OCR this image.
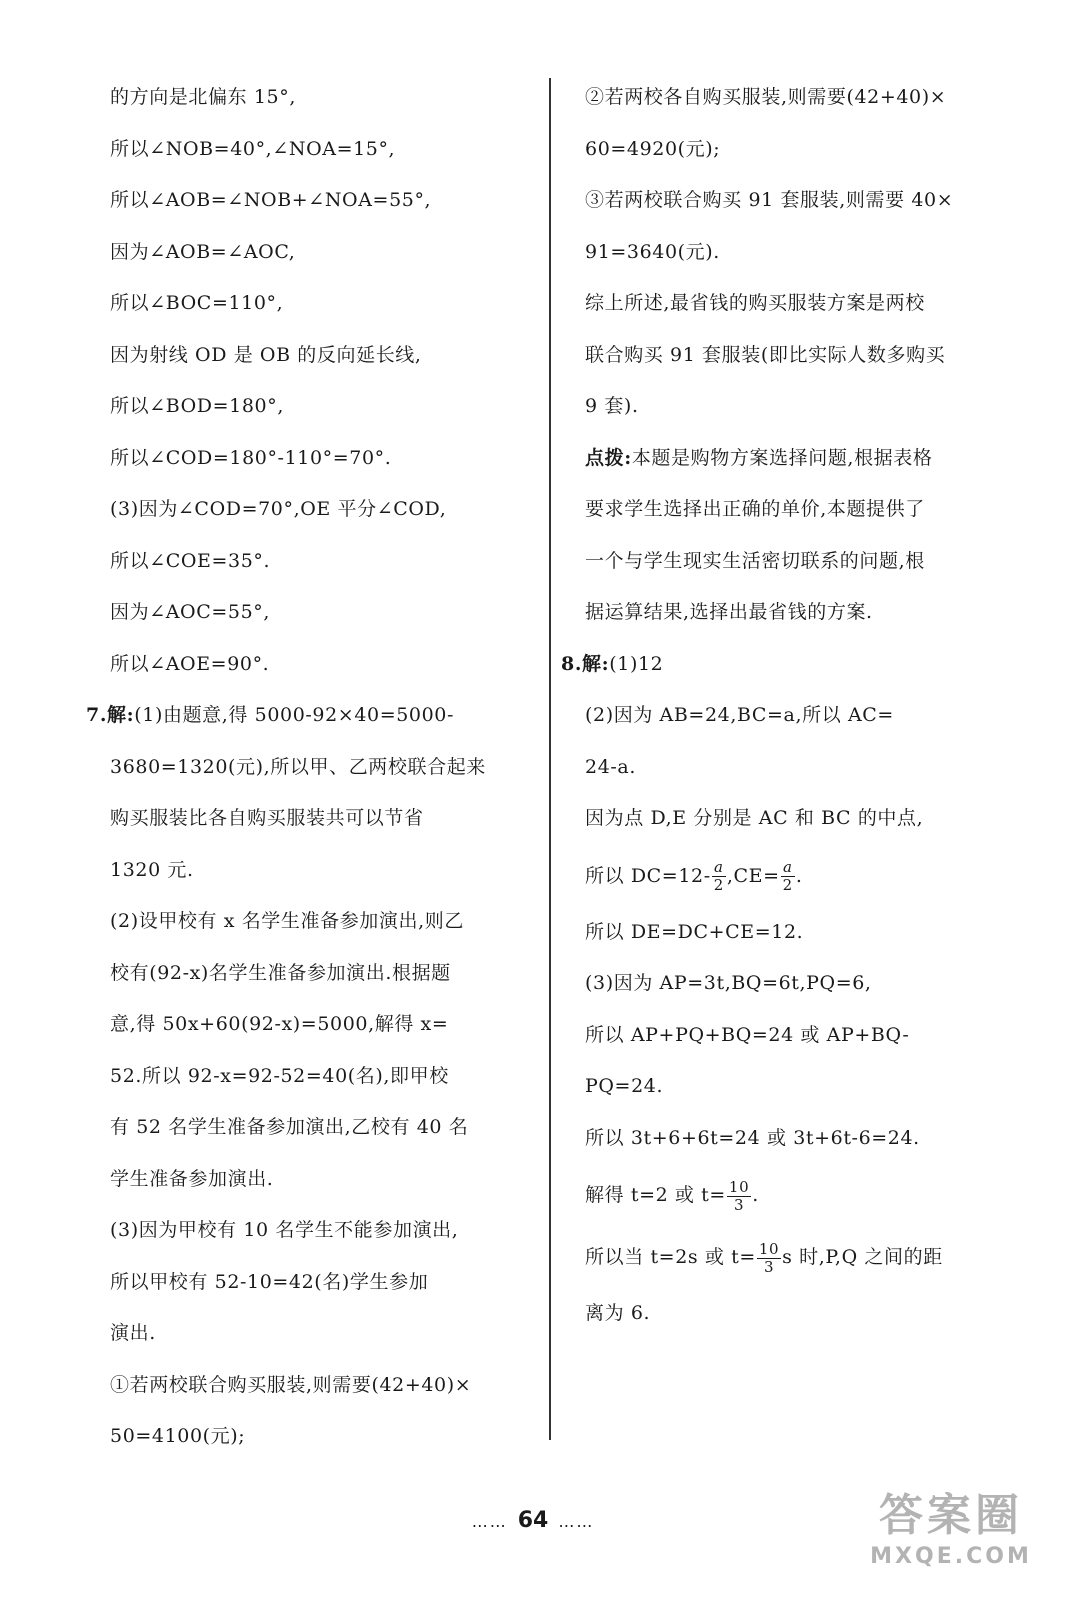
的方向是北偏东 15°,
所以∠NOB=40°,∠NOA=15°,
所以∠AOB=∠NOB+∠NOA=55°,
因为∠AOB=∠AOC,
所以∠BOC=110°,
因为射线 OD 是 OB 的反向延长线,
所以∠BOD=180°,
所以∠COD=180°-110°=70°.
(3)因为∠COD=70°,OE 平分∠COD,
所以∠COE=35°.
因为∠AOC=55°,
所以∠AOE=90°.
7.解:(1)由题意,得 5000-92×40=5000-
3680=1320(元),所以甲、乙两校联合起来
购买服装比各自购买服装共可以节省
1320 元.
(2)设甲校有 x 名学生准备参加演出,则乙
校有(92-x)名学生准备参加演出.根据题
意,得 50x+60(92-x)=5000,解得 x=
52.所以 92-x=92-52=40(名),即甲校
有 52 名学生准备参加演出,乙校有 40 名
学生准备参加演出.
(3)因为甲校有 10 名学生不能参加演出,
所以甲校有 52-10=42(名)学生参加
演出.
①若两校联合购买服装,则需要(42+40)×
50=4100(元);
②若两校各自购买服装,则需要(42+40)×
60=4920(元);
③若两校联合购买 91 套服装,则需要 40×
91=3640(元).
综上所述,最省钱的购买服装方案是两校
联合购买 91 套服装(即比实际人数多购买
9 套).
点拨:本题是购物方案选择问题,根据表格
要求学生选择出正确的单价,本题提供了
一个与学生现实生活密切联系的问题,根
据运算结果,选择出最省钱的方案.
8.解:(1)12
(2)因为 AB=24,BC=a,所以 AC=
24-a.
因为点 D,E 分别是 AC 和 BC 的中点,
所以 $DC=12- \frac{a}{2} ,CE= \frac{a}{2}$ .
所以 DE=DC+CE=12.
(3)因为 AP=3t,BQ=6t,PQ=6,
所以 AP+PQ+BQ=24 或 AP+BQ-
PQ=24.
所以 3t+6+6t=24 或 3t+6t-6=24.
解得 t=2 或 $t= \frac{10}{3}$ .
所以当 t=2s 或 $t= \frac{10}{3}$ s 时,P,Q 之间的距
离为 6.
…… 64 ……	答案圈
MXQE.COM
